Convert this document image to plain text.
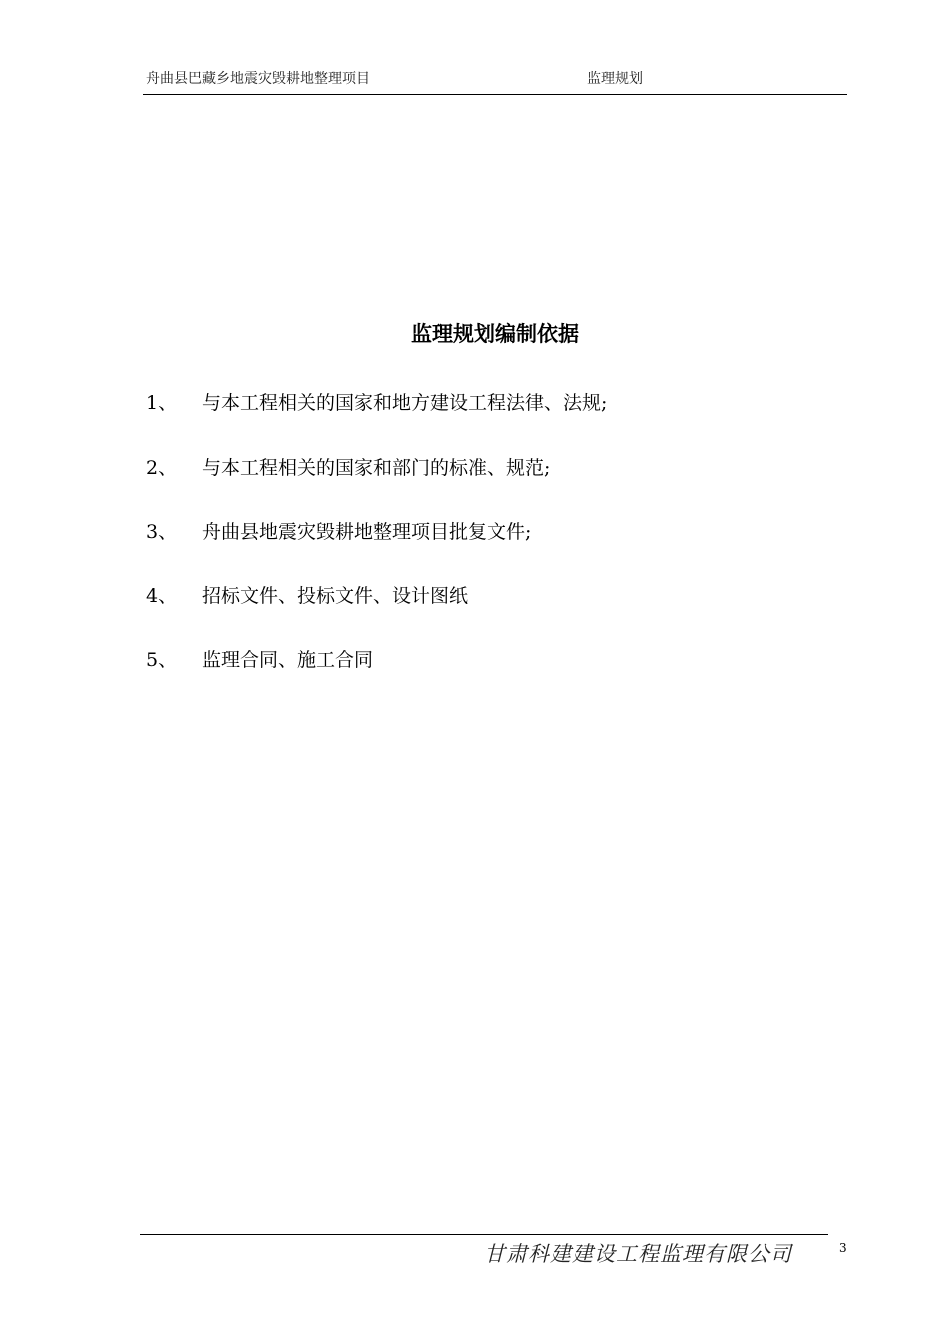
舟曲县巴藏乡地震灾毁耕地整理项目	监理规划
监理规划编制依据
1、 与本工程相关的国家和地方建设工程法律、法规;
2、 与本工程相关的国家和部门的标准、规范;
3、 舟曲县地震灾毁耕地整理项目批复文件;
4、 招标文件、投标文件、设计图纸
5、 监理合同、施工合同
甘肃科建建设工程监理有限公司	3
